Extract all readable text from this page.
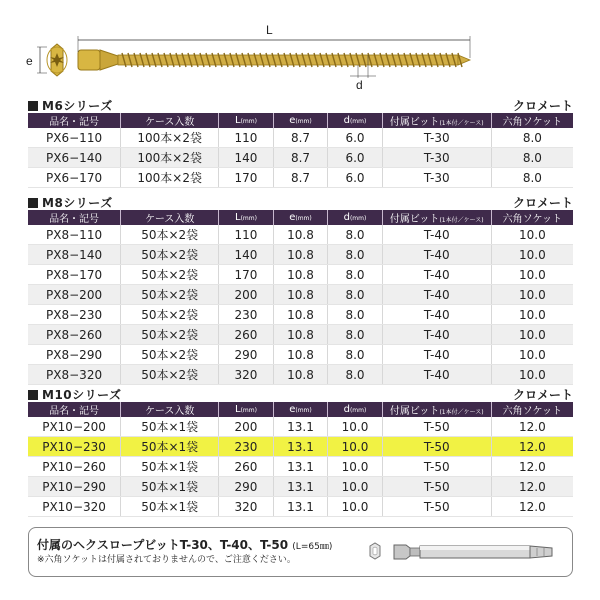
e
L
d
M6シリーズ	クロメート
品名・記号	ケース入数	L(mm)	e(mm)	d(mm)	付属ビット(1本付／ケース)	六角ソケット
PX6−110	100本×2袋	110	8.7	6.0	T-30	8.0
PX6−140	100本×2袋	140	8.7	6.0	T-30	8.0
PX6−170	100本×2袋	170	8.7	6.0	T-30	8.0
M8シリーズ	クロメート
品名・記号	ケース入数	L(mm)	e(mm)	d(mm)	付属ビット(1本付／ケース)	六角ソケット
PX8−110	50本×2袋	110	10.8	8.0	T-40	10.0
PX8−140	50本×2袋	140	10.8	8.0	T-40	10.0
PX8−170	50本×2袋	170	10.8	8.0	T-40	10.0
PX8−200	50本×2袋	200	10.8	8.0	T-40	10.0
PX8−230	50本×2袋	230	10.8	8.0	T-40	10.0
PX8−260	50本×2袋	260	10.8	8.0	T-40	10.0
PX8−290	50本×2袋	290	10.8	8.0	T-40	10.0
PX8−320	50本×2袋	320	10.8	8.0	T-40	10.0
M10シリーズ	クロメート
品名・記号	ケース入数	L(mm)	e(mm)	d(mm)	付属ビット(1本付／ケース)	六角ソケット
PX10−200	50本×1袋	200	13.1	10.0	T-50	12.0
PX10−230	50本×1袋	230	13.1	10.0	T-50	12.0
PX10−260	50本×1袋	260	13.1	10.0	T-50	12.0
PX10−290	50本×1袋	290	13.1	10.0	T-50	12.0
PX10−320	50本×1袋	320	13.1	10.0	T-50	12.0
付属のヘクスロープビットT-30、T-40、T-50 (L=65㎜)
※六角ソケットは付属されておりませんので、ご注意ください。
